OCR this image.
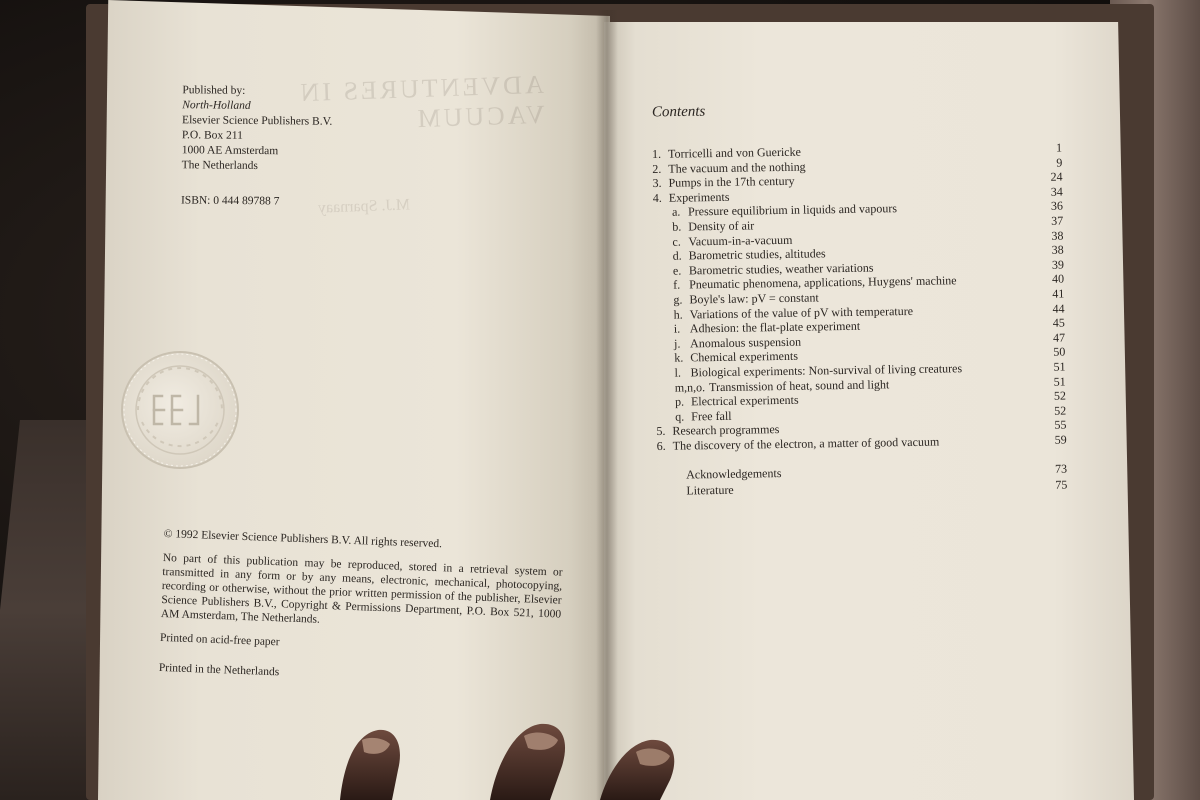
ADVENTURES IN
VACUUM
M.J. Sparnaay
Published by:
North-Holland
Elsevier Science Publishers B.V.
P.O. Box 211
1000 AE Amsterdam
The Netherlands
ISBN: 0 444 89788 7

© 1992 Elsevier Science Publishers B.V. All rights reserved.

No part of this publication may be reproduced, stored in a retrieval system or transmitted in any form or by any means, electronic, mechanical, photocopying, recording or otherwise, without the prior written permission of the publisher, Elsevier Science Publishers B.V., Copyright & Permissions Department, P.O. Box 521, 1000 AM Amsterdam, The Netherlands.

Printed on acid-free paper

Printed in the Netherlands

Contents
1. Torricelli and von Guericke	1
2. The vacuum and the nothing	9
3. Pumps in the 17th century	24
4. Experiments	34
a. Pressure equilibrium in liquids and vapours	36
b. Density of air	37
c. Vacuum-in-a-vacuum	38
d. Barometric studies, altitudes	38
e. Barometric studies, weather variations	39
f. Pneumatic phenomena, applications, Huygens' machine	40
g. Boyle's law: pV = constant	41
h. Variations of the value of pV with temperature	44
i. Adhesion: the flat-plate experiment	45
j. Anomalous suspension	47
k. Chemical experiments	50
l. Biological experiments: Non-survival of living creatures	51
m,n,o. Transmission of heat, sound and light	51
p. Electrical experiments	52
q. Free fall	52
5. Research programmes	55
6. The discovery of the electron, a matter of good vacuum	59
Acknowledgements	73
Literature	75
